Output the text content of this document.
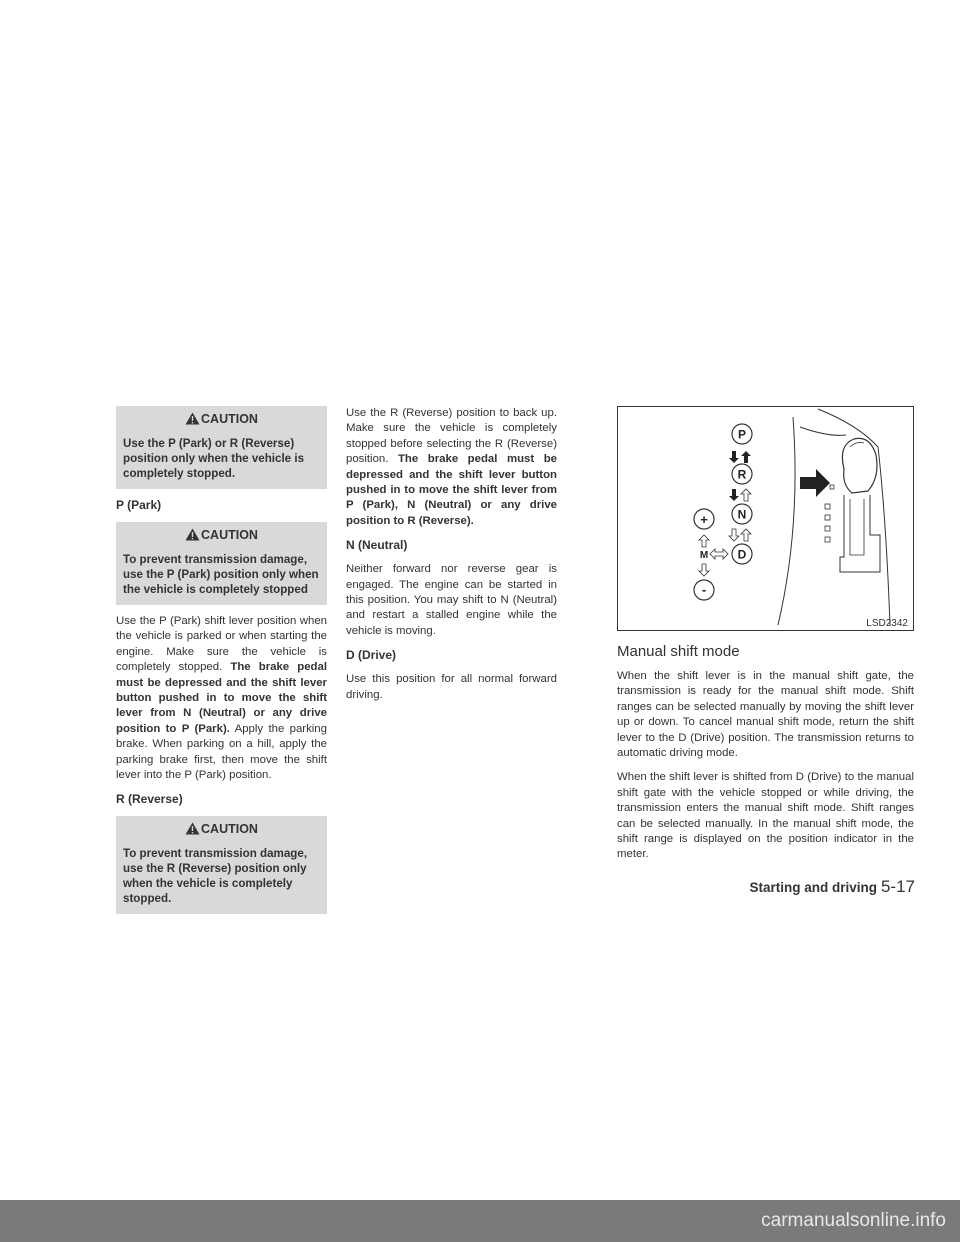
CAUTION
Use the P (Park) or R (Reverse) position only when the vehicle is completely stopped.
P (Park)
CAUTION
To prevent transmission damage, use the P (Park) position only when the vehicle is completely stopped

Use the P (Park) shift lever position when the vehicle is parked or when starting the engine. Make sure the vehicle is completely stopped. The brake pedal must be depressed and the shift lever button pushed in to move the shift lever from N (Neutral) or any drive position to P (Park). Apply the parking brake. When parking on a hill, apply the parking brake first, then move the shift lever into the P (Park) position.

R (Reverse)
CAUTION
To prevent transmission damage, use the R (Reverse) position only when the vehicle is completely stopped.

Use the R (Reverse) position to back up. Make sure the vehicle is completely stopped before selecting the R (Reverse) position. The brake pedal must be depressed and the shift lever button pushed in to move the shift lever from P (Park), N (Neutral) or any drive position to R (Reverse).

N (Neutral)

Neither forward nor reverse gear is engaged. The engine can be started in this position. You may shift to N (Neutral) and restart a stalled engine while the vehicle is moving.

D (Drive)

Use this position for all normal forward driving.

P
R
N
D
+
M
-
LSD2342
Manual shift mode

When the shift lever is in the manual shift gate, the transmission is ready for the manual shift mode. Shift ranges can be selected manually by moving the shift lever up or down. To cancel manual shift mode, return the shift lever to the D (Drive) position. The transmission returns to automatic driving mode.

When the shift lever is shifted from D (Drive) to the manual shift gate with the vehicle stopped or while driving, the transmission enters the manual shift mode. Shift ranges can be selected manually. In the manual shift mode, the shift range is displayed on the position indicator in the meter.

Starting and driving 5-17
carmanualsonline.info
